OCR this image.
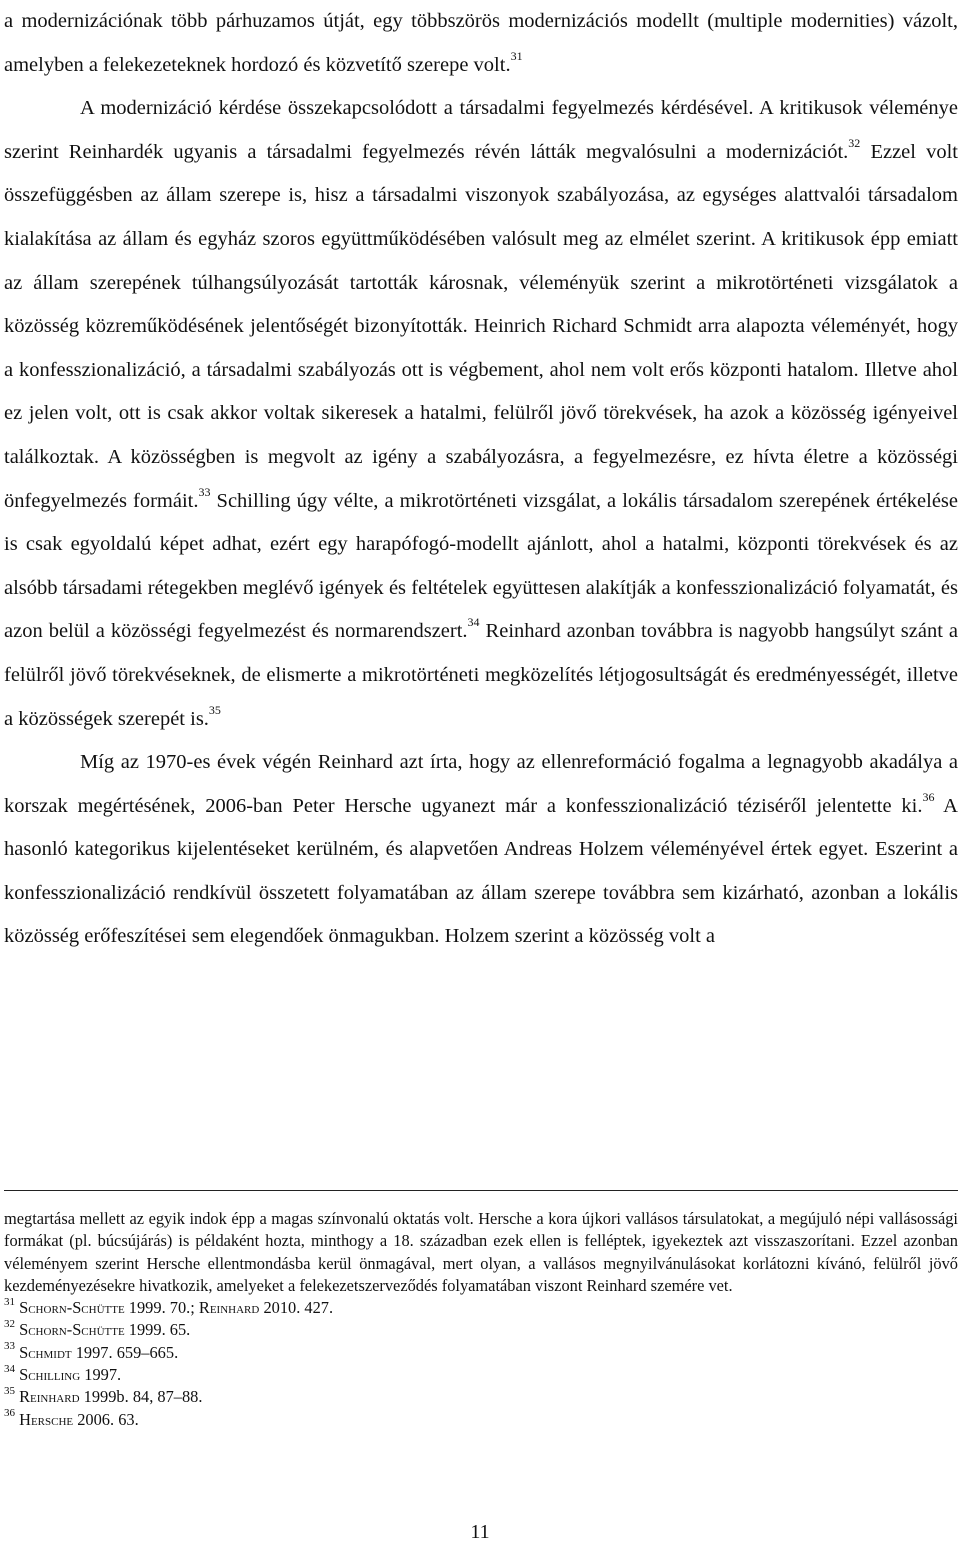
a modernizációnak több párhuzamos útját, egy többszörös modernizációs modellt (multiple modernities) vázolt, amelyben a felekezeteknek hordozó és közvetítő szerepe volt.$^{31}$

A modernizáció kérdése összekapcsolódott a társadalmi fegyelmezés kérdésével. A kritikusok véleménye szerint Reinhardék ugyanis a társadalmi fegyelmezés révén látták megvalósulni a modernizációt.$^{32}$ Ezzel volt összefüggésben az állam szerepe is, hisz a társadalmi viszonyok szabályozása, az egységes alattvalói társadalom kialakítása az állam és egyház szoros együttműködésében valósult meg az elmélet szerint. A kritikusok épp emiatt az állam szerepének túlhangsúlyozását tartották károsnak, véleményük szerint a mikrotörténeti vizsgálatok a közösség közreműködésének jelentőségét bizonyították. Heinrich Richard Schmidt arra alapozta véleményét, hogy a konfesszionalizáció, a társadalmi szabályozás ott is végbement, ahol nem volt erős központi hatalom. Illetve ahol ez jelen volt, ott is csak akkor voltak sikeresek a hatalmi, felülről jövő törekvések, ha azok a közösség igényeivel találkoztak. A közösségben is megvolt az igény a szabályozásra, a fegyelmezésre, ez hívta életre a közösségi önfegyelmezés formáit.$^{33}$ Schilling úgy vélte, a mikrotörténeti vizsgálat, a lokális társadalom szerepének értékelése is csak egyoldalú képet adhat, ezért egy harapófogó-modellt ajánlott, ahol a hatalmi, központi törekvések és az alsóbb társadami rétegekben meglévő igények és feltételek együttesen alakítják a konfesszionalizáció folyamatát, és azon belül a közösségi fegyelmezést és normarendszert.$^{34}$ Reinhard azonban továbbra is nagyobb hangsúlyt szánt a felülről jövő törekvéseknek, de elismerte a mikrotörténeti megközelítés létjogosultságát és eredményességét, illetve a közösségek szerepét is.$^{35}$

Míg az 1970-es évek végén Reinhard azt írta, hogy az ellenreformáció fogalma a legnagyobb akadálya a korszak megértésének, 2006-ban Peter Hersche ugyanezt már a konfesszionalizáció téziséről jelentette ki.$^{36}$ A hasonló kategorikus kijelentéseket kerülném, és alapvetően Andreas Holzem véleményével értek egyet. Eszerint a konfesszionalizáció rendkívül összetett folyamatában az állam szerepe továbbra sem kizárható, azonban a lokális közösség erőfeszítései sem elegendőek önmagukban. Holzem szerint a közösség volt a

megtartása mellett az egyik indok épp a magas színvonalú oktatás volt. Hersche a kora újkori vallásos társulatokat, a megújuló népi vallásossági formákat (pl. búcsújárás) is példaként hozta, minthogy a 18. században ezek ellen is felléptek, igyekeztek azt visszaszorítani. Ezzel azonban véleményem szerint Hersche ellentmondásba kerül önmagával, mert olyan, a vallásos megnyilvánulásokat korlátozni kívánó, felülről jövő kezdeményezésekre hivatkozik, amelyeket a felekezetszerveződés folyamatában viszont Reinhard szemére vet.

$^{31}$ Schorn-Schütte 1999. 70.; Reinhard 2010. 427.

$^{32}$ Schorn-Schütte 1999. 65.

$^{33}$ Schmidt 1997. 659–665.

$^{34}$ Schilling 1997.

$^{35}$ Reinhard 1999b. 84, 87–88.

$^{36}$ Hersche 2006. 63.

11
